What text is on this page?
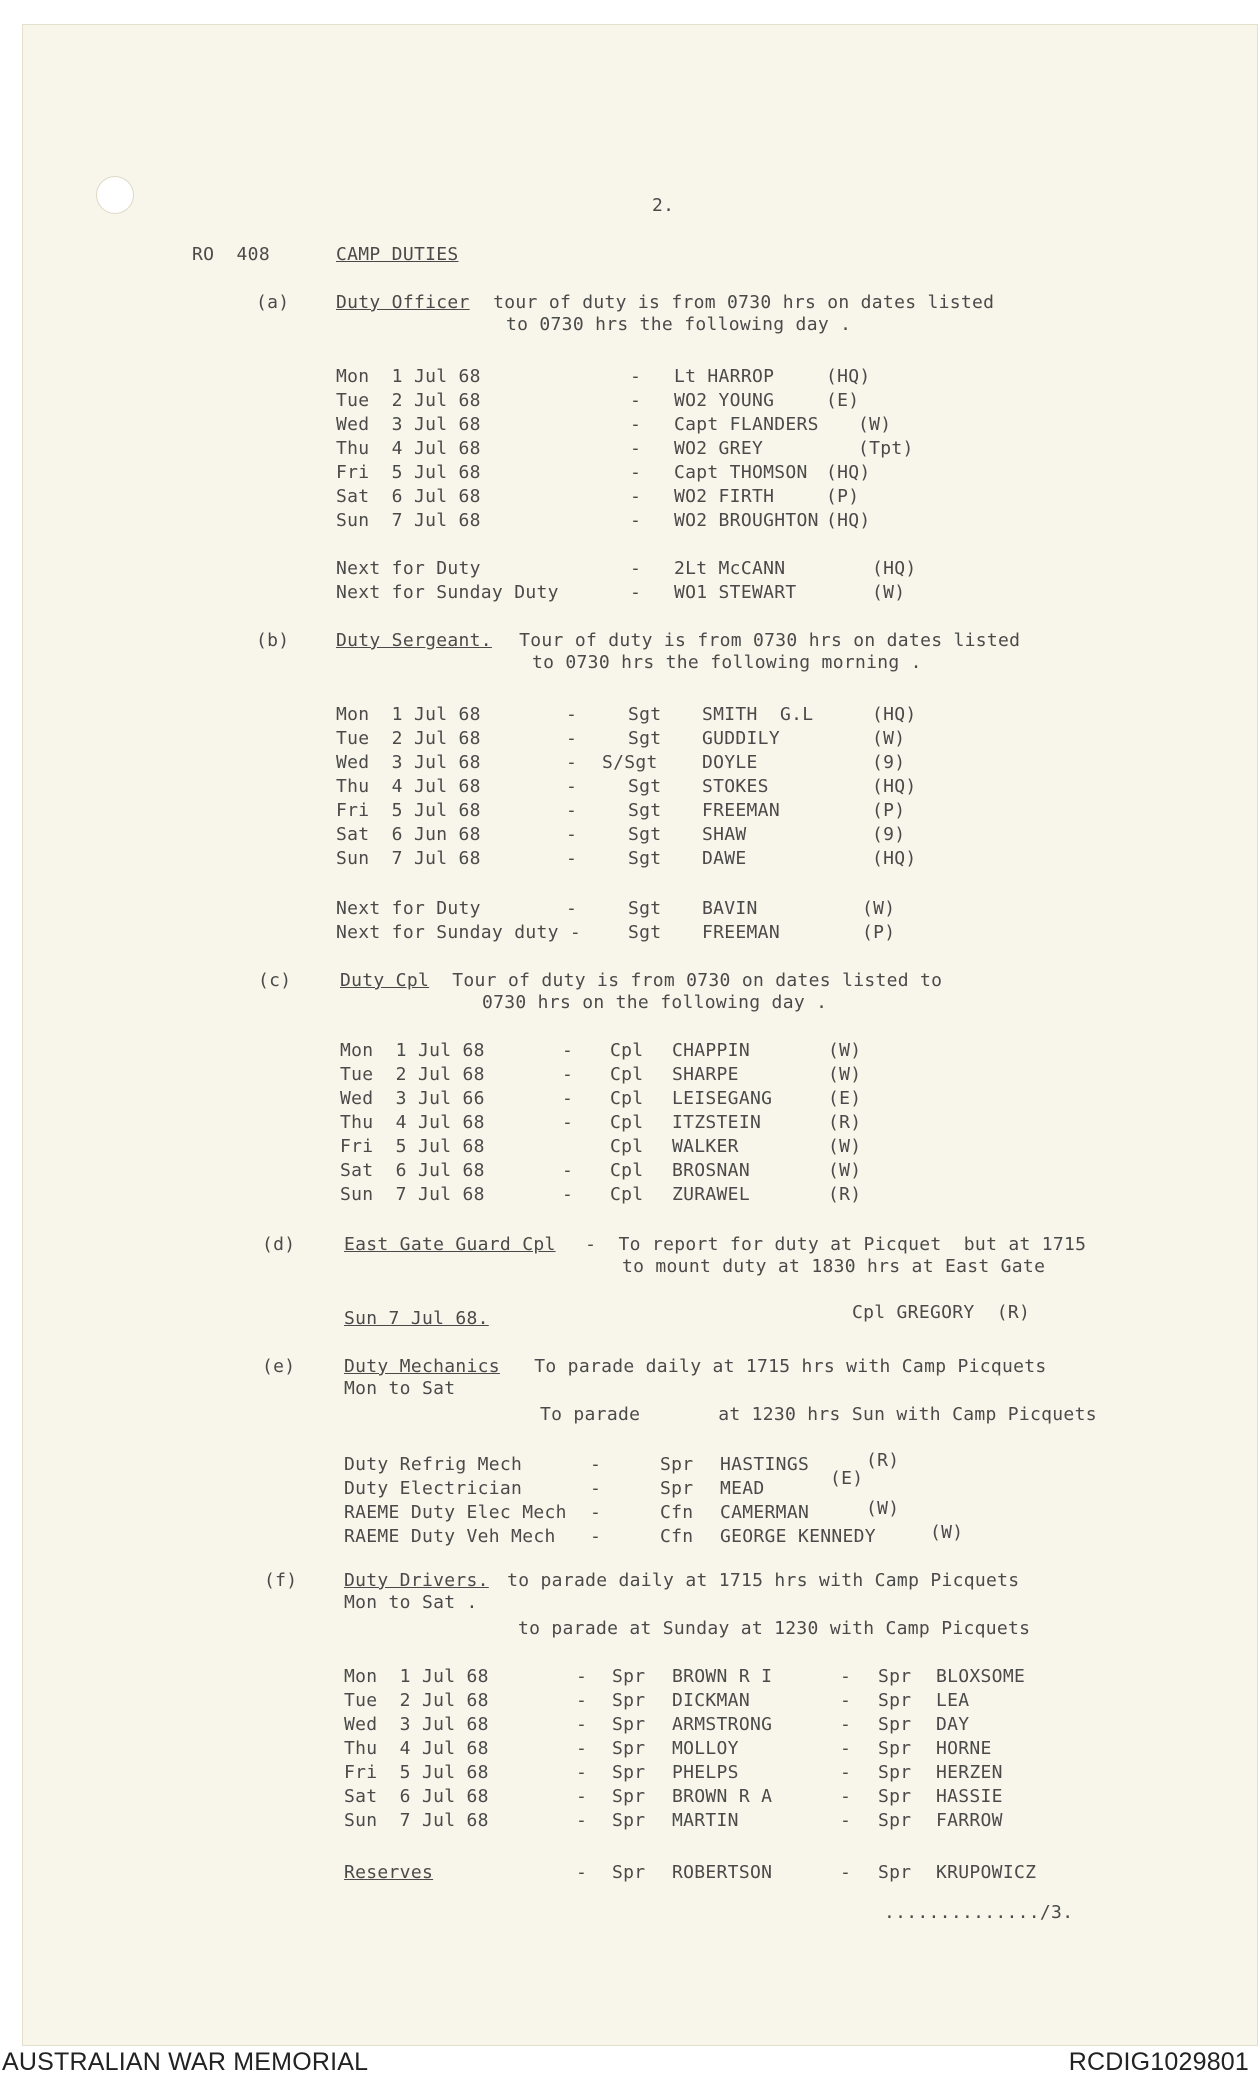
2.
RO  408	CAMP DUTIES
(a)	Duty Officer tour of duty is from 0730 hrs on dates listed
to 0730 hrs the following day .
Mon  1 Jul 68	- Lt HARROP	(HQ)
Tue  2 Jul 68	- WO2 YOUNG	(E)
Wed  3 Jul 68	- Capt FLANDERS (W)
Thu  4 Jul 68	- WO2 GREY	(Tpt)
Fri  5 Jul 68	- Capt THOMSON (HQ)
Sat  6 Jul 68	- WO2 FIRTH	(P)
Sun  7 Jul 68	- WO2 BROUGHTON (HQ)
Next for Duty	- 2Lt McCANN	(HQ)
Next for Sunday Duty	- WO1 STEWART	(W)
(b)	Duty Sergeant. Tour of duty is from 0730 hrs on dates listed
to 0730 hrs the following morning .
Mon  1 Jul 68	-	Sgt SMITH  G.L	(HQ)
Tue  2 Jul 68	-	Sgt GUDDILY	(W)
Wed  3 Jul 68	- S/Sgt DOYLE	(9)
Thu  4 Jul 68	-	Sgt STOKES	(HQ)
Fri  5 Jul 68	-	Sgt FREEMAN	(P)
Sat  6 Jun 68	-	Sgt SHAW	(9)
Sun  7 Jul 68	-	Sgt DAWE	(HQ)
Next for Duty	-	Sgt BAVIN	(W)
Next for Sunday duty -	Sgt FREEMAN	(P)
(c)	Duty Cpl Tour of duty is from 0730 on dates listed to
0730 hrs on the following day .
Mon  1 Jul 68	- Cpl CHAPPIN	(W)
Tue  2 Jul 68	- Cpl SHARPE	(W)
Wed  3 Jul 66	- Cpl LEISEGANG	(E)
Thu  4 Jul 68	- Cpl ITZSTEIN	(R)
Fri  5 Jul 68	Cpl WALKER	(W)
Sat  6 Jul 68	- Cpl BROSNAN	(W)
Sun  7 Jul 68	- Cpl ZURAWEL	(R)
(d)	East Gate Guard Cpl -  To report for duty at Picquet  but at 1715
to mount duty at 1830 hrs at East Gate
Sun 7 Jul 68.	Cpl GREGORY  (R)
(e)	Duty Mechanics To parade daily at 1715 hrs with Camp Picquets
Mon to Sat
To parade       at 1230 hrs Sun with Camp Picquets
Duty Refrig Mech	-	Spr HASTINGS	(R)
Duty Electrician	-	Spr MEAD	(E)
RAEME Duty Elec Mech -	Cfn CAMERMAN	(W)
RAEME Duty Veh Mech -	Cfn GEORGE KENNEDY	(W)
(f)	Duty Drivers. to parade daily at 1715 hrs with Camp Picquets
Mon to Sat .
to parade at Sunday at 1230 with Camp Picquets
Mon  1 Jul 68	- Spr BROWN R I	- Spr BLOXSOME
Tue  2 Jul 68	- Spr DICKMAN	- Spr LEA
Wed  3 Jul 68	- Spr ARMSTRONG	- Spr DAY
Thu  4 Jul 68	- Spr MOLLOY	- Spr HORNE
Fri  5 Jul 68	- Spr PHELPS	- Spr HERZEN
Sat  6 Jul 68	- Spr BROWN R A	- Spr HASSIE
Sun  7 Jul 68	- Spr MARTIN	- Spr FARROW
Reserves	- Spr ROBERTSON	- Spr KRUPOWICZ
............../3.
AUSTRALIAN WAR MEMORIAL	RCDIG1029801
